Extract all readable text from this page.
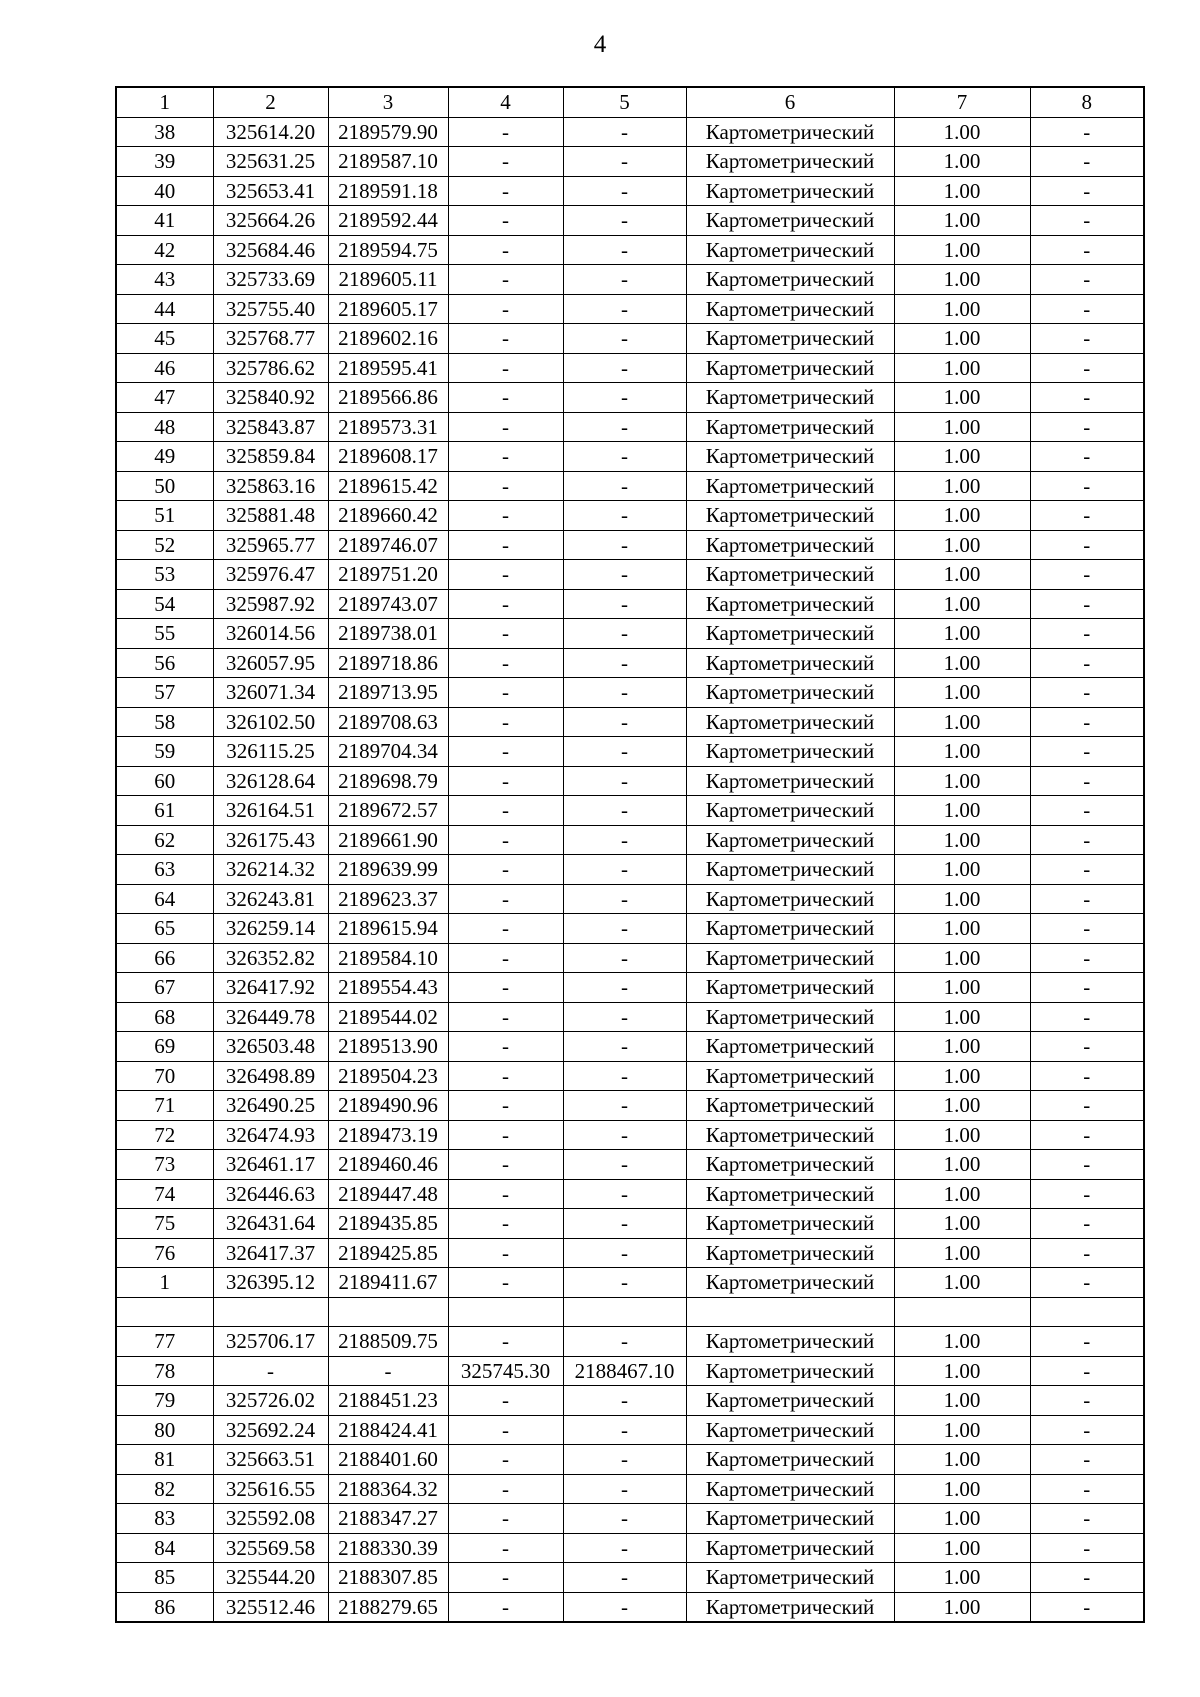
4
1	2	3	4	5	6	7	8
38	325614.20	2189579.90	-	-	Картометрический	1.00	-
39	325631.25	2189587.10	-	-	Картометрический	1.00	-
40	325653.41	2189591.18	-	-	Картометрический	1.00	-
41	325664.26	2189592.44	-	-	Картометрический	1.00	-
42	325684.46	2189594.75	-	-	Картометрический	1.00	-
43	325733.69	2189605.11	-	-	Картометрический	1.00	-
44	325755.40	2189605.17	-	-	Картометрический	1.00	-
45	325768.77	2189602.16	-	-	Картометрический	1.00	-
46	325786.62	2189595.41	-	-	Картометрический	1.00	-
47	325840.92	2189566.86	-	-	Картометрический	1.00	-
48	325843.87	2189573.31	-	-	Картометрический	1.00	-
49	325859.84	2189608.17	-	-	Картометрический	1.00	-
50	325863.16	2189615.42	-	-	Картометрический	1.00	-
51	325881.48	2189660.42	-	-	Картометрический	1.00	-
52	325965.77	2189746.07	-	-	Картометрический	1.00	-
53	325976.47	2189751.20	-	-	Картометрический	1.00	-
54	325987.92	2189743.07	-	-	Картометрический	1.00	-
55	326014.56	2189738.01	-	-	Картометрический	1.00	-
56	326057.95	2189718.86	-	-	Картометрический	1.00	-
57	326071.34	2189713.95	-	-	Картометрический	1.00	-
58	326102.50	2189708.63	-	-	Картометрический	1.00	-
59	326115.25	2189704.34	-	-	Картометрический	1.00	-
60	326128.64	2189698.79	-	-	Картометрический	1.00	-
61	326164.51	2189672.57	-	-	Картометрический	1.00	-
62	326175.43	2189661.90	-	-	Картометрический	1.00	-
63	326214.32	2189639.99	-	-	Картометрический	1.00	-
64	326243.81	2189623.37	-	-	Картометрический	1.00	-
65	326259.14	2189615.94	-	-	Картометрический	1.00	-
66	326352.82	2189584.10	-	-	Картометрический	1.00	-
67	326417.92	2189554.43	-	-	Картометрический	1.00	-
68	326449.78	2189544.02	-	-	Картометрический	1.00	-
69	326503.48	2189513.90	-	-	Картометрический	1.00	-
70	326498.89	2189504.23	-	-	Картометрический	1.00	-
71	326490.25	2189490.96	-	-	Картометрический	1.00	-
72	326474.93	2189473.19	-	-	Картометрический	1.00	-
73	326461.17	2189460.46	-	-	Картометрический	1.00	-
74	326446.63	2189447.48	-	-	Картометрический	1.00	-
75	326431.64	2189435.85	-	-	Картометрический	1.00	-
76	326417.37	2189425.85	-	-	Картометрический	1.00	-
1	326395.12	2189411.67	-	-	Картометрический	1.00	-

77	325706.17	2188509.75	-	-	Картометрический	1.00	-
78	-	-	325745.30	2188467.10	Картометрический	1.00	-
79	325726.02	2188451.23	-	-	Картометрический	1.00	-
80	325692.24	2188424.41	-	-	Картометрический	1.00	-
81	325663.51	2188401.60	-	-	Картометрический	1.00	-
82	325616.55	2188364.32	-	-	Картометрический	1.00	-
83	325592.08	2188347.27	-	-	Картометрический	1.00	-
84	325569.58	2188330.39	-	-	Картометрический	1.00	-
85	325544.20	2188307.85	-	-	Картометрический	1.00	-
86	325512.46	2188279.65	-	-	Картометрический	1.00	-
